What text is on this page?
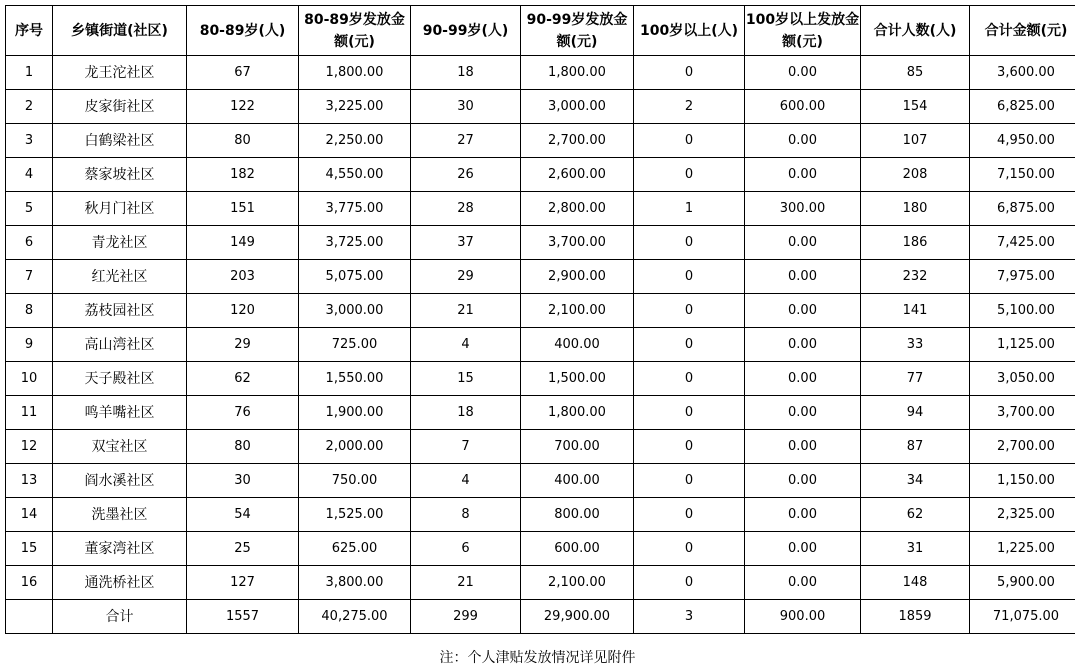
序号	乡镇街道(社区)	80-89岁(人)	80-89岁发放金额(元)	90-99岁(人)	90-99岁发放金额(元)	100岁以上(人)	100岁以上发放金额(元)	合计人数(人)	合计金额(元)
1	龙王沱社区	67	1,800.00	18	1,800.00	0	0.00	85	3,600.00
2	皮家街社区	122	3,225.00	30	3,000.00	2	600.00	154	6,825.00
3	白鹤梁社区	80	2,250.00	27	2,700.00	0	0.00	107	4,950.00
4	蔡家坡社区	182	4,550.00	26	2,600.00	0	0.00	208	7,150.00
5	秋月门社区	151	3,775.00	28	2,800.00	1	300.00	180	6,875.00
6	青龙社区	149	3,725.00	37	3,700.00	0	0.00	186	7,425.00
7	红光社区	203	5,075.00	29	2,900.00	0	0.00	232	7,975.00
8	荔枝园社区	120	3,000.00	21	2,100.00	0	0.00	141	5,100.00
9	高山湾社区	29	725.00	4	400.00	0	0.00	33	1,125.00
10	天子殿社区	62	1,550.00	15	1,500.00	0	0.00	77	3,050.00
11	鸣羊嘴社区	76	1,900.00	18	1,800.00	0	0.00	94	3,700.00
12	双宝社区	80	2,000.00	7	700.00	0	0.00	87	2,700.00
13	阎水溪社区	30	750.00	4	400.00	0	0.00	34	1,150.00
14	洗墨社区	54	1,525.00	8	800.00	0	0.00	62	2,325.00
15	董家湾社区	25	625.00	6	600.00	0	0.00	31	1,225.00
16	通洗桥社区	127	3,800.00	21	2,100.00	0	0.00	148	5,900.00
	合计	1557	40,275.00	299	29,900.00	3	900.00	1859	71,075.00
注：个人津贴发放情况详见附件
